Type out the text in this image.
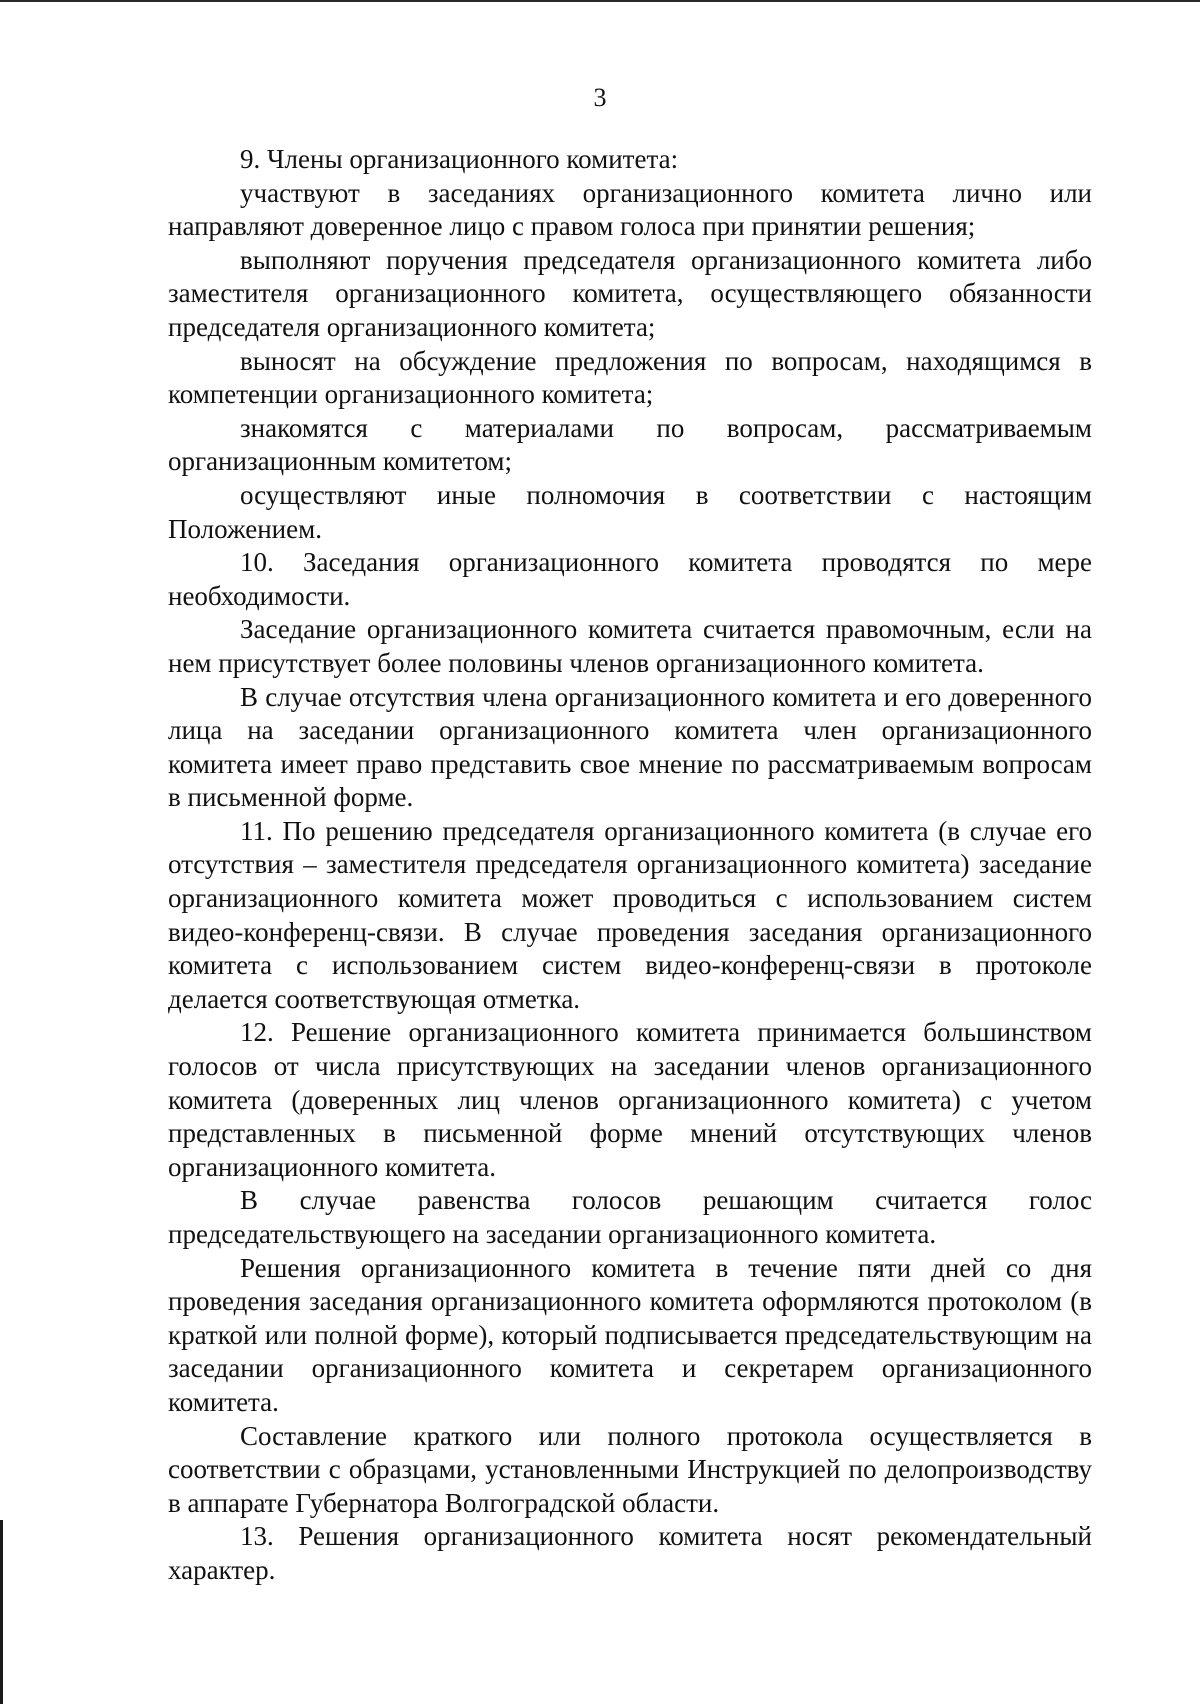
3

9. Члены организационного комитета:

участвуют в заседаниях организационного комитета лично или направляют доверенное лицо с правом голоса при принятии решения;

выполняют поручения председателя организационного комитета либо заместителя организационного комитета, осуществляющего обязанности председателя организационного комитета;

выносят на обсуждение предложения по вопросам, находящимся в компетенции организационного комитета;

знакомятся с материалами по вопросам, рассматриваемым организационным комитетом;

осуществляют иные полномочия в соответствии с настоящим Положением.

10. Заседания организационного комитета проводятся по мере необходимости.

Заседание организационного комитета считается правомочным, если на нем присутствует более половины членов организационного комитета.

В случае отсутствия члена организационного комитета и его доверенного лица на заседании организационного комитета член организационного комитета имеет право представить свое мнение по рассматриваемым вопросам в письменной форме.

11. По решению председателя организационного комитета (в случае его отсутствия – заместителя председателя организационного комитета) заседание организационного комитета может проводиться с использованием систем видео-конференц-связи. В случае проведения заседания организационного комитета с использованием систем видео-конференц-связи в протоколе делается соответствующая отметка.

12. Решение организационного комитета принимается большинством голосов от числа присутствующих на заседании членов организационного комитета (доверенных лиц членов организационного комитета) с учетом представленных в письменной форме мнений отсутствующих членов организационного комитета.

В случае равенства голосов решающим считается голос председательствующего на заседании организационного комитета.

Решения организационного комитета в течение пяти дней со дня проведения заседания организационного комитета оформляются протоколом (в краткой или полной форме), который подписывается председательствующим на заседании организационного комитета и секретарем организационного комитета.

Составление краткого или полного протокола осуществляется в соответствии с образцами, установленными Инструкцией по делопроизводству в аппарате Губернатора Волгоградской области.

13. Решения организационного комитета носят рекомендательный характер.
